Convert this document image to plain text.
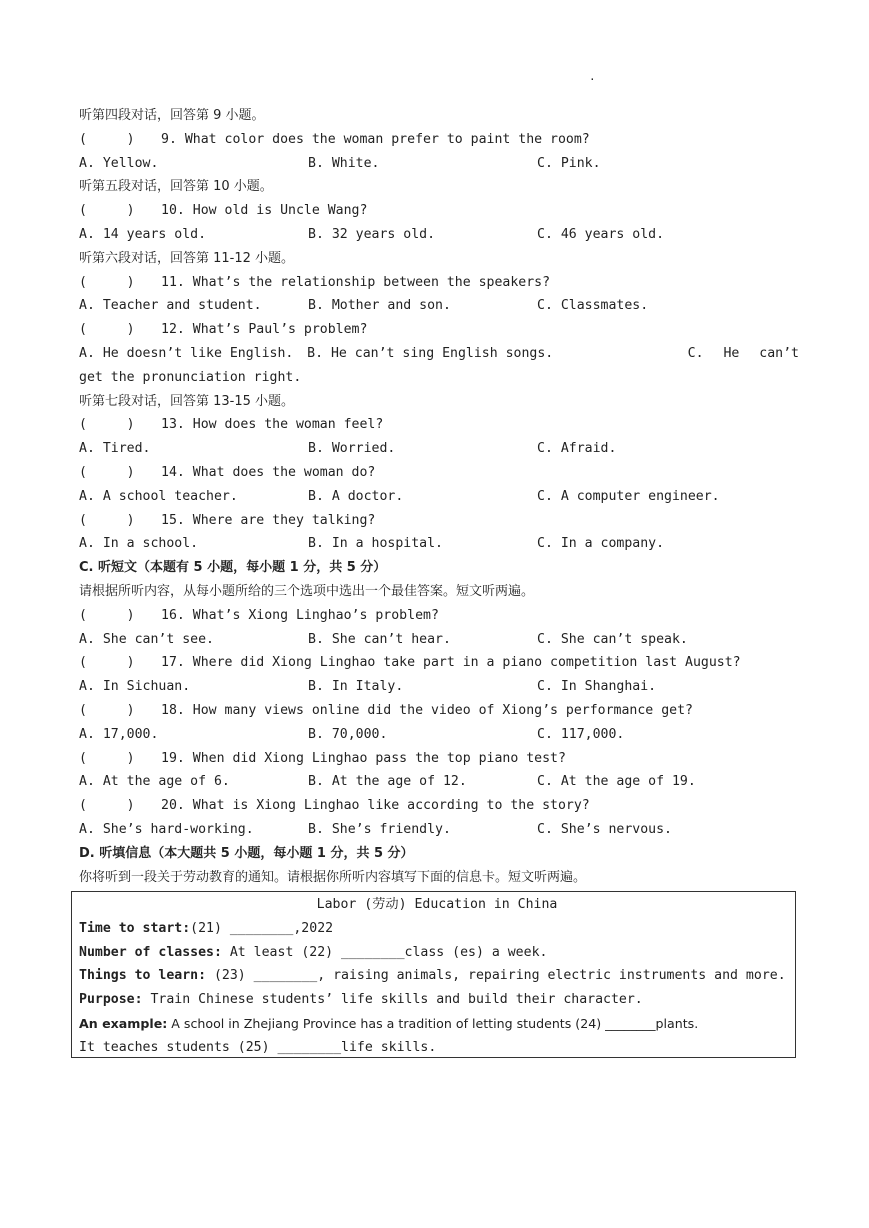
.
听第四段对话，回答第 9 小题。
(     ) 9. What color does the woman prefer to paint the room?
A. Yellow.	B. White.	C. Pink.
听第五段对话，回答第 10 小题。
(     ) 10. How old is Uncle Wang?
A. 14 years old.	B. 32 years old.	C. 46 years old.
听第六段对话，回答第 11-12 小题。
(     ) 11. What’s the relationship between the speakers?
A. Teacher and student.	B. Mother and son.	C. Classmates.
(     ) 12. What’s Paul’s problem?
A. He doesn’t like English.	B. He can’t sing English songs.	C. He can’t
get the pronunciation right.
听第七段对话，回答第 13-15 小题。
(     ) 13. How does the woman feel?
A. Tired.	B. Worried.	C. Afraid.
(     ) 14. What does the woman do?
A. A school teacher.	B. A doctor.	C. A computer engineer.
(     ) 15. Where are they talking?
A. In a school.	B. In a hospital.	C. In a company.
C. 听短文（本题有 5 小题，每小题 1 分，共 5 分）
请根据所听内容，从每小题所给的三个选项中选出一个最佳答案。短文听两遍。
(     ) 16. What’s Xiong Linghao’s problem?
A. She can’t see.	B. She can’t hear.	C. She can’t speak.
(     ) 17. Where did Xiong Linghao take part in a piano competition last August?
A. In Sichuan.	B. In Italy.	C. In Shanghai.
(     ) 18. How many views online did the video of Xiong’s performance get?
A. 17,000.	B. 70,000.	C. 117,000.
(     ) 19. When did Xiong Linghao pass the top piano test?
A. At the age of 6.	B. At the age of 12.	C. At the age of 19.
(     ) 20. What is Xiong Linghao like according to the story?
A. She’s hard-working.	B. She’s friendly.	C. She’s nervous.
D. 听填信息（本大题共 5 小题，每小题 1 分，共 5 分）
你将听到一段关于劳动教育的通知。请根据你所听内容填写下面的信息卡。短文听两遍。
Labor (劳动) Education in China
Time to start:(21) ________,2022
Number of classes: At least (22) ________class (es) a week.
Things to learn: (23) ________, raising animals, repairing electric instruments and more.
Purpose: Train Chinese students’ life skills and build their character.
An example: A school in Zhejiang Province has a tradition of letting students (24) ________plants.
It teaches students (25) ________life skills.
